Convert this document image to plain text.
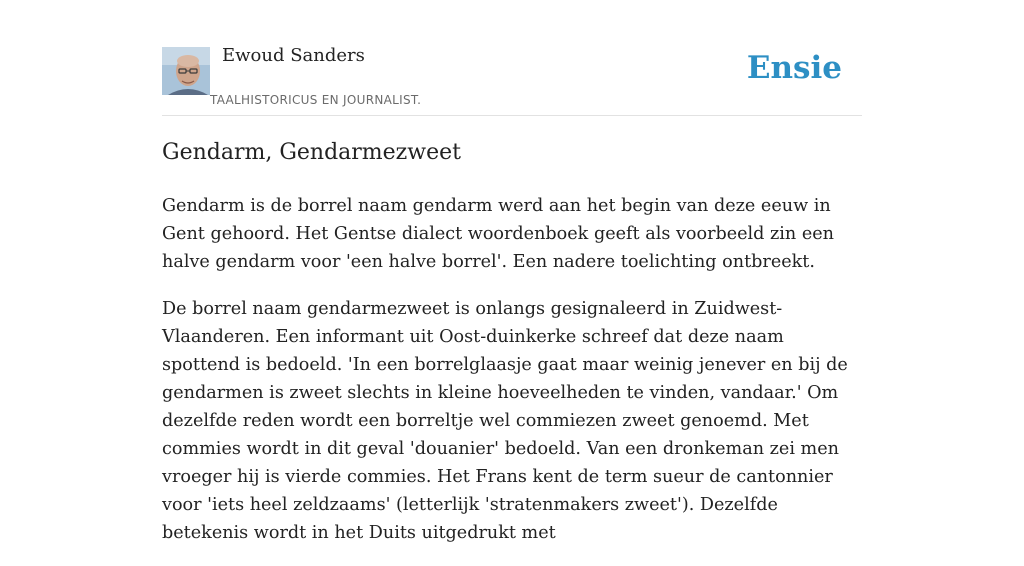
Ewoud Sanders
TAALHISTORICUS EN JOURNALIST.
Ensie
Gendarm, Gendarmezweet

Gendarm is de borrel naam gendarm werd aan het begin van deze eeuw in Gent gehoord. Het Gentse dialect woordenboek geeft als voorbeeld zin een halve gendarm voor 'een halve borrel'. Een nadere toelichting ontbreekt.

De borrel naam gendarmezweet is onlangs gesignaleerd in Zuidwest-Vlaanderen. Een informant uit Oost-duinkerke schreef dat deze naam spottend is bedoeld. 'In een borrelglaasje gaat maar weinig jenever en bij de gendarmen is zweet slechts in kleine hoeveelheden te vinden, vandaar.' Om dezelfde reden wordt een borreltje wel commiezen zweet genoemd. Met commies wordt in dit geval 'douanier' bedoeld. Van een dronkeman zei men vroeger hij is vierde commies. Het Frans kent de term sueur de cantonnier voor 'iets heel zeldzaams' (letterlijk 'stratenmakers zweet'). Dezelfde betekenis wordt in het Duits uitgedrukt met
